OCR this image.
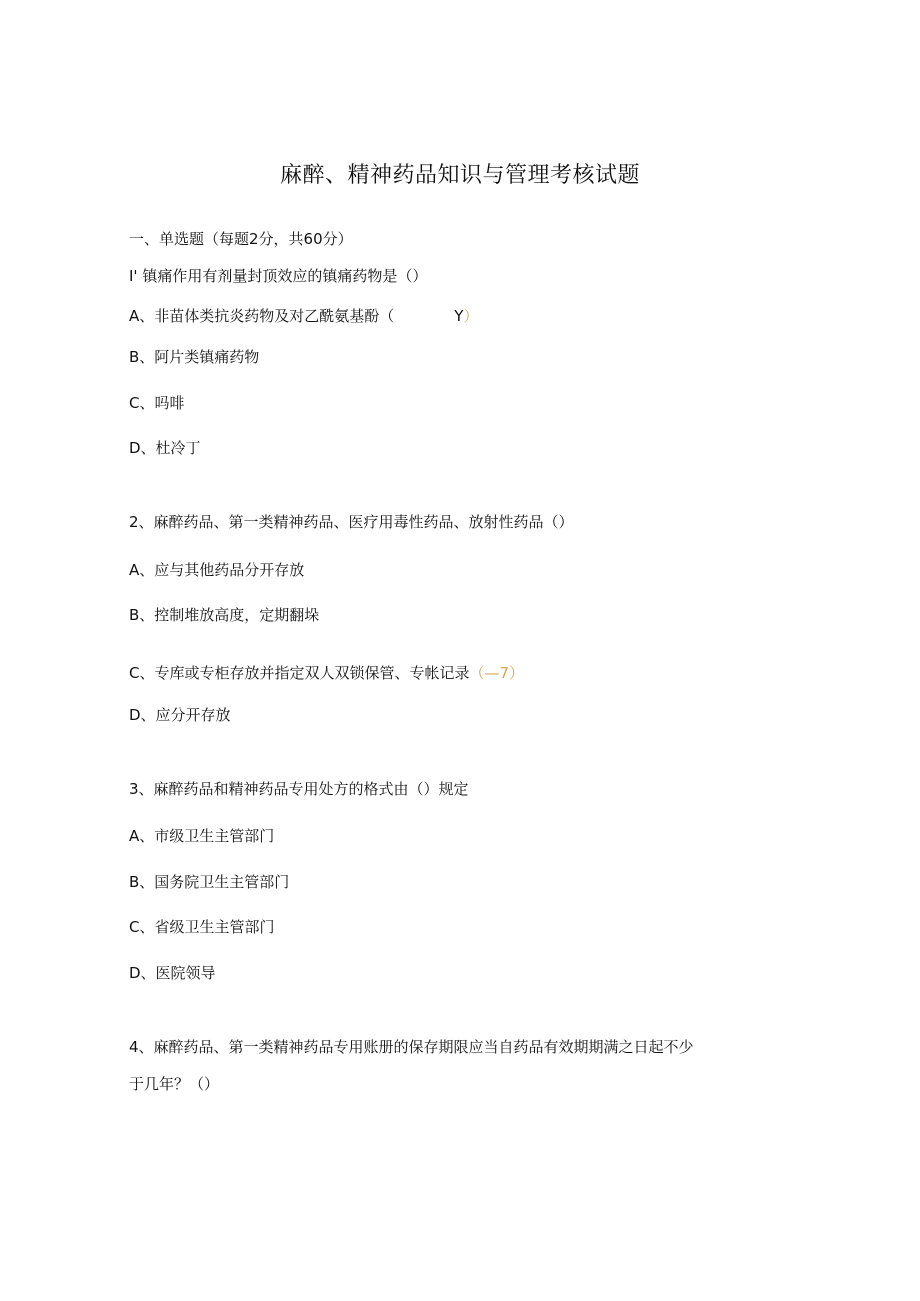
麻醉、精神药品知识与管理考核试题
一、单选题（每题2分，共60分）
I' 镇痛作用有剂量封顶效应的镇痛药物是（）
A、非苗体类抗炎药物及对乙酰氨基酚（	Y）
B、阿片类镇痛药物
C、吗啡
D、杜冷丁
2、麻醉药品、第一类精神药品、医疗用毒性药品、放射性药品（）
A、应与其他药品分开存放
B、控制堆放高度，定期翻垛
C、专库或专柜存放并指定双人双锁保管、专帐记录（—7）
D、应分开存放
3、麻醉药品和精神药品专用处方的格式由（）规定
A、市级卫生主管部门
B、国务院卫生主管部门
C、省级卫生主管部门
D、医院领导
4、麻醉药品、第一类精神药品专用账册的保存期限应当自药品有效期期满之日起不少
于几年？（）
